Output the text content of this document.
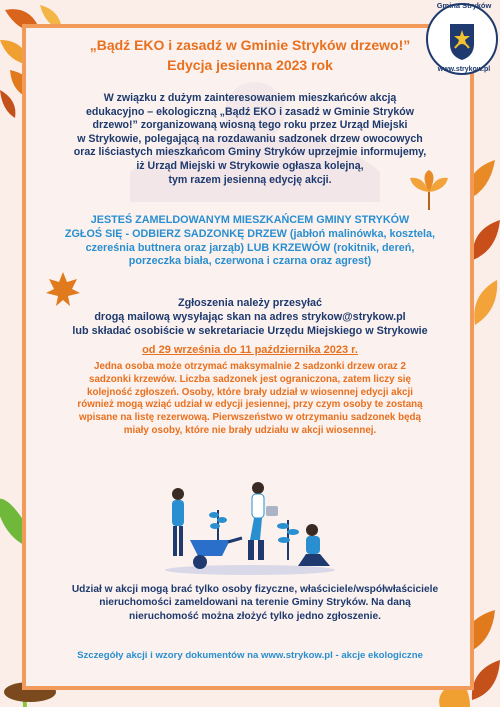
Gmina Stryków
www.strykow.pl

„Bądź EKO i zasadź w Gminie Stryków drzewo!”

Edycja jesienna 2023 rok

W związku z dużym zainteresowaniem mieszkańców akcją
edukacyjno – ekologiczną „Bądź EKO i zasadź w Gminie Stryków
drzewo!” zorganizowaną wiosną tego roku przez Urząd Miejski
w Strykowie, polegającą na rozdawaniu sadzonek drzew owocowych
oraz liściastych mieszkańcom Gminy Stryków uprzejmie informujemy,
iż Urząd Miejski w Strykowie ogłasza kolejną,
tym razem jesienną edycję akcji.
JESTEŚ ZAMELDOWANYM MIESZKAŃCEM GMINY STRYKÓW
ZGŁOŚ SIĘ - ODBIERZ SADZONKĘ DRZEW (jabłoń malinówka, kosztela,
czereśnia buttnera oraz jarząb) LUB KRZEWÓW (rokitnik, dereń,
porzeczka biała, czerwona i czarna oraz agrest)
Zgłoszenia należy przesyłać
drogą mailową wysyłając skan na adres strykow@strykow.pl
lub składać osobiście w sekretariacie Urzędu Miejskiego w Strykowie
od 29 września do 11 października 2023 r.
Jedna osoba może otrzymać maksymalnie 2 sadzonki drzew oraz 2
sadzonki krzewów. Liczba sadzonek jest ograniczona, zatem liczy się
kolejność zgłoszeń. Osoby, które brały udział w wiosennej edycji akcji
również mogą wziąć udział w edycji jesiennej, przy czym osoby te zostaną
wpisane na listę rezerwową. Pierwszeństwo w otrzymaniu sadzonek będą
miały osoby, które nie brały udziału w akcji wiosennej.
Udział w akcji mogą brać tylko osoby fizyczne, właściciele/współwłaściciele
nieruchomości zameldowani na terenie Gminy Stryków. Na daną
nieruchomość można złożyć tylko jedno zgłoszenie.
Szczegóły akcji i wzory dokumentów na www.strykow.pl - akcje ekologiczne
